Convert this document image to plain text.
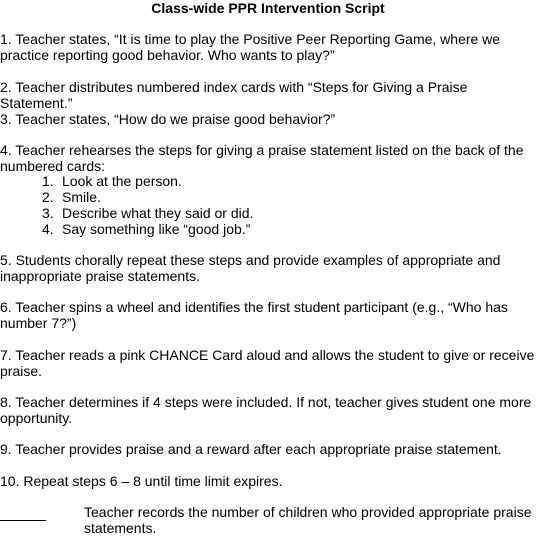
Class-wide PPR Intervention Script

1. Teacher states, “It is time to play the Positive Peer Reporting Game, where we practice reporting good behavior. Who wants to play?”

2. Teacher distributes numbered index cards with “Steps for Giving a Praise Statement.”

3. Teacher states, “How do we praise good behavior?”

4. Teacher rehearses the steps for giving a praise statement listed on the back of the numbered cards:

1. Look at the person.

2. Smile.

3. Describe what they said or did.

4. Say something like “good job.”

5. Students chorally repeat these steps and provide examples of appropriate and inappropriate praise statements.

6. Teacher spins a wheel and identifies the first student participant (e.g., “Who has number 7?”)

7. Teacher reads a pink CHANCE Card aloud and allows the student to give or receive praise.

8. Teacher determines if 4 steps were included. If not, teacher gives student one more opportunity.

9. Teacher provides praise and a reward after each appropriate praise statement.

10. Repeat steps 6 – 8 until time limit expires.

Teacher records the number of children who provided appropriate praise statements.
